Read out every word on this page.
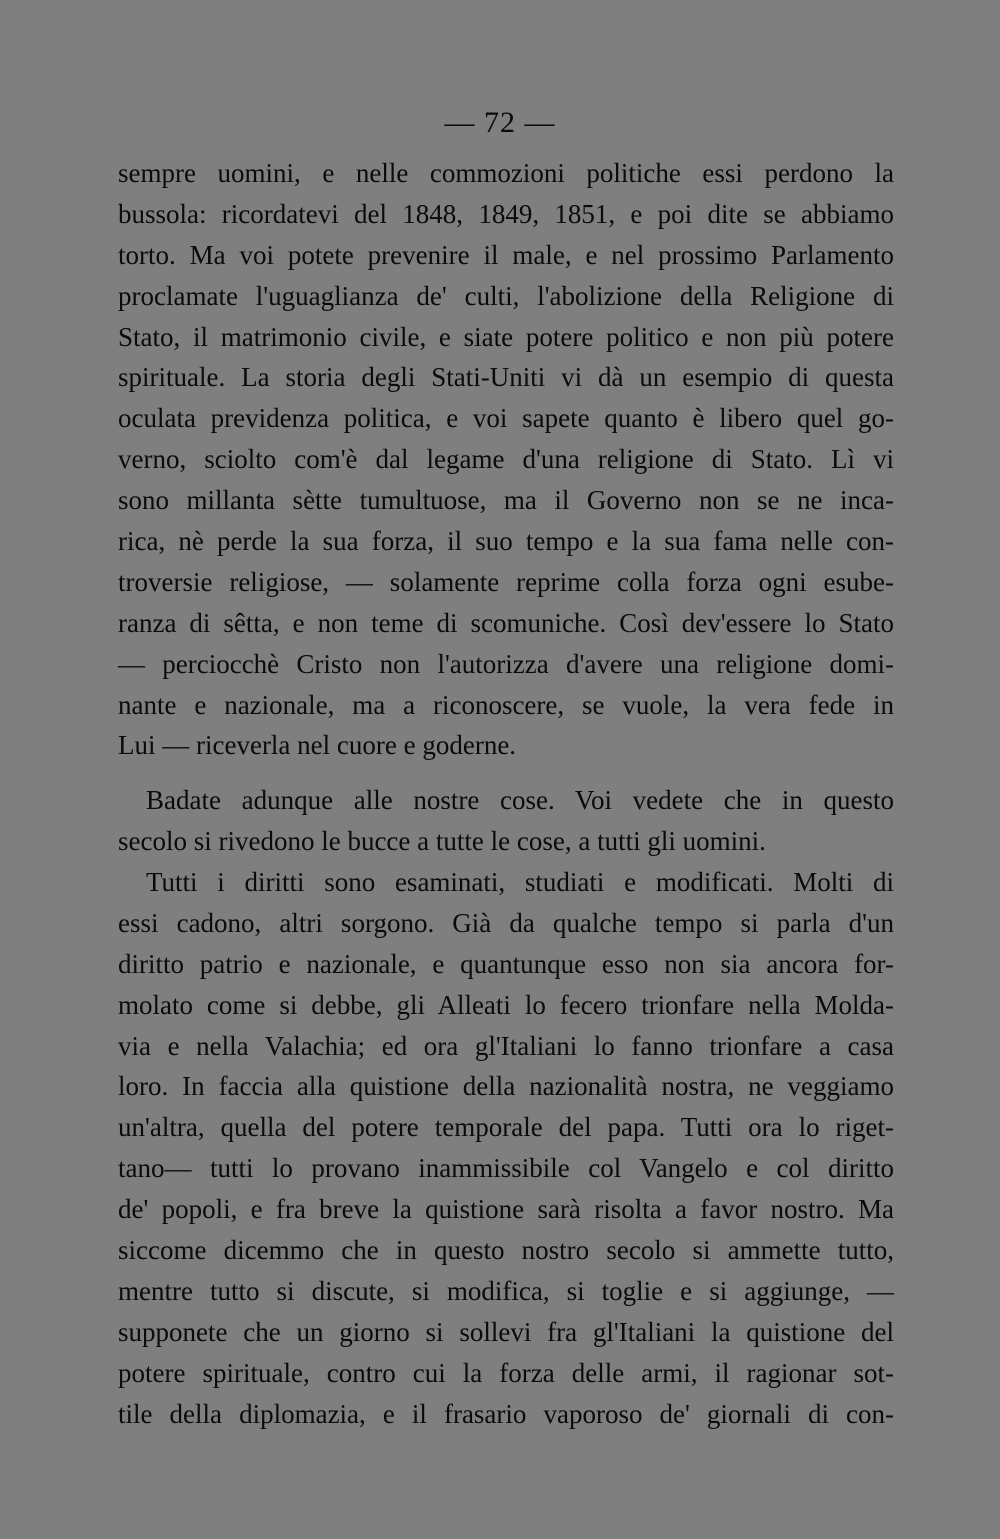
— 72 —
sempre uomini, e nelle commozioni politiche essi perdono la
bussola: ricordatevi del 1848, 1849, 1851, e poi dite se abbiamo
torto. Ma voi potete prevenire il male, e nel prossimo Parlamento
proclamate l'uguaglianza de' culti, l'abolizione della Religione di
Stato, il matrimonio civile, e siate potere politico e non più potere
spirituale. La storia degli Stati-Uniti vi dà un esempio di questa
oculata previdenza politica, e voi sapete quanto è libero quel go-
verno, sciolto com'è dal legame d'una religione di Stato. Lì vi
sono millanta sètte tumultuose, ma il Governo non se ne inca-
rica, nè perde la sua forza, il suo tempo e la sua fama nelle con-
troversie religiose, — solamente reprime colla forza ogni esube-
ranza di sêtta, e non teme di scomuniche. Così dev'essere lo Stato
— perciocchè Cristo non l'autorizza d'avere una religione domi-
nante e nazionale, ma a riconoscere, se vuole, la vera fede in
Lui — riceverla nel cuore e goderne.
Badate adunque alle nostre cose. Voi vedete che in questo
secolo si rivedono le bucce a tutte le cose, a tutti gli uomini.
Tutti i diritti sono esaminati, studiati e modificati. Molti di
essi cadono, altri sorgono. Già da qualche tempo si parla d'un
diritto patrio e nazionale, e quantunque esso non sia ancora for-
molato come si debbe, gli Alleati lo fecero trionfare nella Molda-
via e nella Valachia; ed ora gl'Italiani lo fanno trionfare a casa
loro. In faccia alla quistione della nazionalità nostra, ne veggiamo
un'altra, quella del potere temporale del papa. Tutti ora lo riget-
tano— tutti lo provano inammissibile col Vangelo e col diritto
de' popoli, e fra breve la quistione sarà risolta a favor nostro. Ma
siccome dicemmo che in questo nostro secolo si ammette tutto,
mentre tutto si discute, si modifica, si toglie e si aggiunge, —
supponete che un giorno si sollevi fra gl'Italiani la quistione del
potere spirituale, contro cui la forza delle armi, il ragionar sot-
tile della diplomazia, e il frasario vaporoso de' giornali di con-
